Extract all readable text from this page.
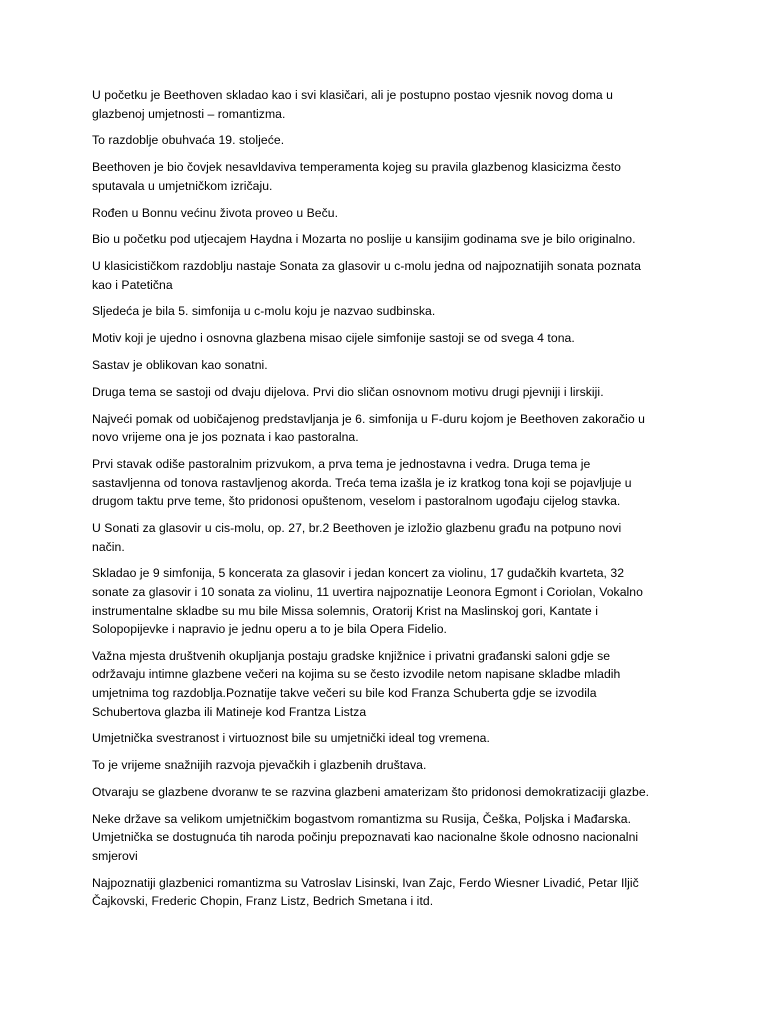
U početku je Beethoven skladao kao i svi klasičari, ali je postupno postao vjesnik novog doma u glazbenoj umjetnosti – romantizma.

To razdoblje obuhvaća 19. stoljeće.

Beethoven je bio čovjek nesavldaviva temperamenta kojeg su pravila glazbenog klasicizma često sputavala u umjetničkom izričaju.

Rođen u Bonnu većinu života proveo u Beču.

Bio u početku pod utjecajem Haydna i Mozarta no poslije u kansijim godinama sve je bilo originalno.

U klasicističkom razdoblju nastaje Sonata za glasovir u c-molu jedna od najpoznatijih sonata poznata kao i Patetična

Sljedeća je bila 5. simfonija u c-molu koju je nazvao sudbinska.

Motiv koji je ujedno i osnovna glazbena misao cijele simfonije sastoji se od svega 4 tona.

Sastav je oblikovan kao sonatni.

Druga tema se sastoji od dvaju dijelova. Prvi dio sličan osnovnom motivu drugi pjevniji i lirskiji.

Najveći pomak od uobičajenog predstavljanja je 6. simfonija u F-duru kojom je Beethoven zakoračio u novo vrijeme ona je jos poznata i kao pastoralna.

Prvi stavak odiše pastoralnim prizvukom, a prva tema je jednostavna i vedra. Druga tema je sastavljenna od tonova rastavljenog akorda. Treća tema izašla je iz kratkog tona koji se pojavljuje u drugom taktu prve teme, što pridonosi opuštenom, veselom i pastoralnom ugođaju cijelog stavka.

U Sonati za glasovir u cis-molu, op. 27, br.2 Beethoven je izložio glazbenu građu na potpuno novi način.

Skladao je 9 simfonija, 5 koncerata za glasovir i jedan koncert za violinu, 17 gudačkih kvarteta, 32 sonate za glasovir i 10 sonata za violinu, 11 uvertira najpoznatije Leonora Egmont i Coriolan, Vokalno instrumentalne skladbe su mu bile Missa solemnis, Oratorij Krist na Maslinskoj gori, Kantate i Solopopijevke i napravio je jednu operu a to je bila Opera Fidelio.

Važna mjesta društvenih okupljanja postaju gradske knjižnice i privatni građanski saloni gdje se održavaju intimne glazbene večeri na kojima su se često izvodile netom napisane skladbe mladih umjetnima tog razdoblja.Poznatije takve večeri su bile kod Franza Schuberta gdje se izvodila Schubertova glazba ili Matineje kod Frantza Listza

Umjetnička svestranost i virtuoznost bile su umjetnički ideal tog vremena.

To je vrijeme snažnijih razvoja pjevačkih i glazbenih društava.

Otvaraju se glazbene dvoranw te se razvina glazbeni amaterizam što pridonosi demokratizaciji glazbe.

Neke države sa velikom umjetničkim bogastvom romantizma su Rusija, Češka, Poljska i Mađarska. Umjetnička se dostugnuća tih naroda počinju prepoznavati kao nacionalne škole odnosno nacionalni smjerovi

Najpoznatiji glazbenici romantizma su Vatroslav Lisinski, Ivan Zajc, Ferdo Wiesner Livadić, Petar Iljič Čajkovski, Frederic Chopin, Franz Listz, Bedrich Smetana i itd.
